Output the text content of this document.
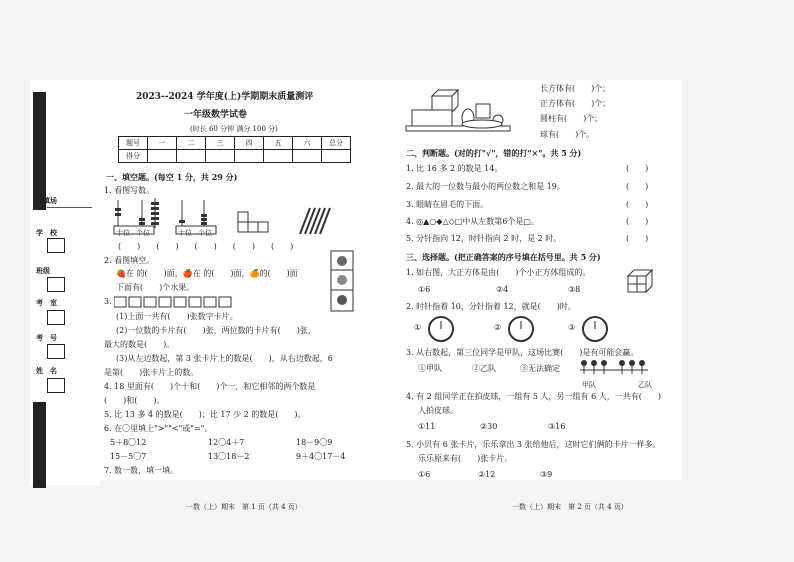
乡镇场
学　校
班级
考　室
考　号
姓　名
2023--2024 学年度(上)学期期末质量测评
一年级数学试卷
(时长 60 分钟 满分 100 分)
题号	一	二	三	四	五	六	总分
得分							
一、填空题。(每空 1 分，共 29 分)
1. 看图写数。
十位 个位	十位 个位
(　　)　　(　　)　　(　　)　　(　　)　　(　　)
2. 看图填空。
🍓在 的(　　)面，🍎在 的(　　)面，🍊的(　　)面
下面有(　　)个水果。
3.
(1)上面一共有(　　)张数字卡片。
(2)一位数的卡片有(　　)张，两位数的卡片有(　　)张，
最大的数是(　　)。
(3)从左边数起，第 3 张卡片上的数是(　　)，从右边数起，6
是第(　　)张卡片上的数。
4. 18 里面有(　　)个十和(　　)个一，和它相邻的两个数是
(　　)和(　　)。
5. 比 13 多 4 的数是(　　)；比 17 少 2 的数是(　　)。
6. 在〇里填上">""<"或"="。
5＋8〇12	12〇4＋7	18－9〇9
15－5〇7	13〇18－2	9＋4〇17－4
7. 数一数，填一填。
一数（上）期末　第 1 页（共 4 页）
长方体有(　　)个；
正方体有(　　)个；
圆柱有(　　)个；
球有(　　)个。
二、判断题。(对的打"√"，错的打"×"。共 5 分)
1. 比 16 多 2 的数是 14。	(　　)
2. 最大的一位数与最小的两位数之和是 19。	(　　)
3. 眼睛在眉毛的下面。	(　　)
4. ◎▲○◆△◇□中从左数第6个是□。	(　　)
5. 分针指向 12，时针指向 2 时，是 2 时。	(　　)
三、选择题。(把正确答案的序号填在括号里。共 5 分)
1. 如右图，大正方体是由(　　)个小正方体组成的。
①6	②4	③8
2. 时针指着 10，分针指着 12，就是(　　)时。
①	②	③
3. 从右数起，第三位同学是甲队，这场比赛(　　)是有可能会赢。
①甲队	②乙队	③无法确定
甲队	乙队
4. 有 2 组同学正在拍皮球，一组有 5 人，另一组有 6 人，一共有(　　)
人拍皮球。
①11	②30	③16
5. 小贝有 6 张卡片，乐乐拿出 3 张给他后，这时它们俩的卡片一样多。
乐乐原来有(　　)张卡片。
①6	②12	③9
一数（上）期末　第 2 页（共 4 页）
